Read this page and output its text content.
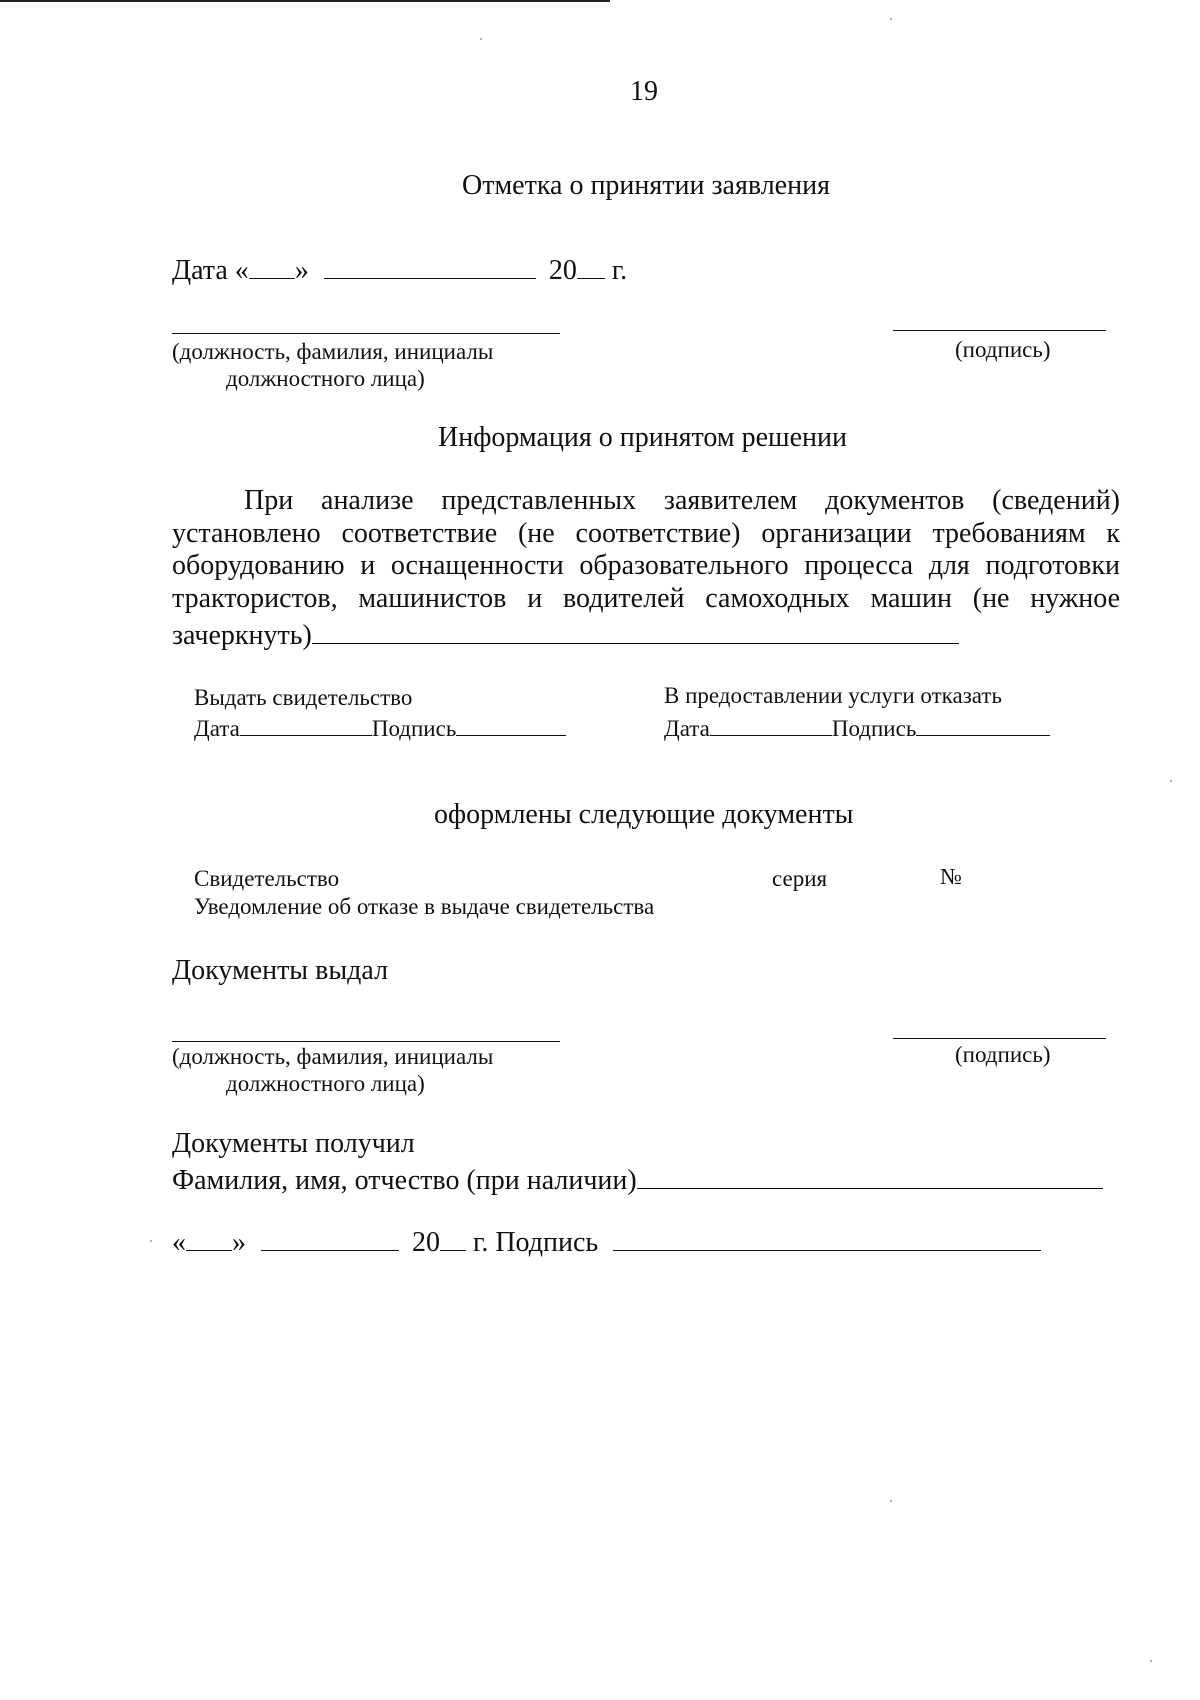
19
Отметка о принятии заявления
Дата « »	20 г.
(должность, фамилия, инициалы
должностного лица)
(подпись)
Информация о принятом решении
При анализе представленных заявителем документов (сведений)
установлено соответствие (не соответствие) организации требованиям к
оборудованию и оснащенности образовательного процесса для подготовки
трактористов, машинистов и водителей самоходных машин (не нужное
зачеркнуть)
Выдать свидетельство
Дата	Подпись
В предоставлении услуги отказать
Дата	Подпись
оформлены следующие документы
Свидетельство	серия	№
Уведомление об отказе в выдаче свидетельства
Документы выдал
(должность, фамилия, инициалы
должностного лица)
(подпись)
Документы получил
Фамилия, имя, отчество (при наличии)
« »	20 г. Подпись
